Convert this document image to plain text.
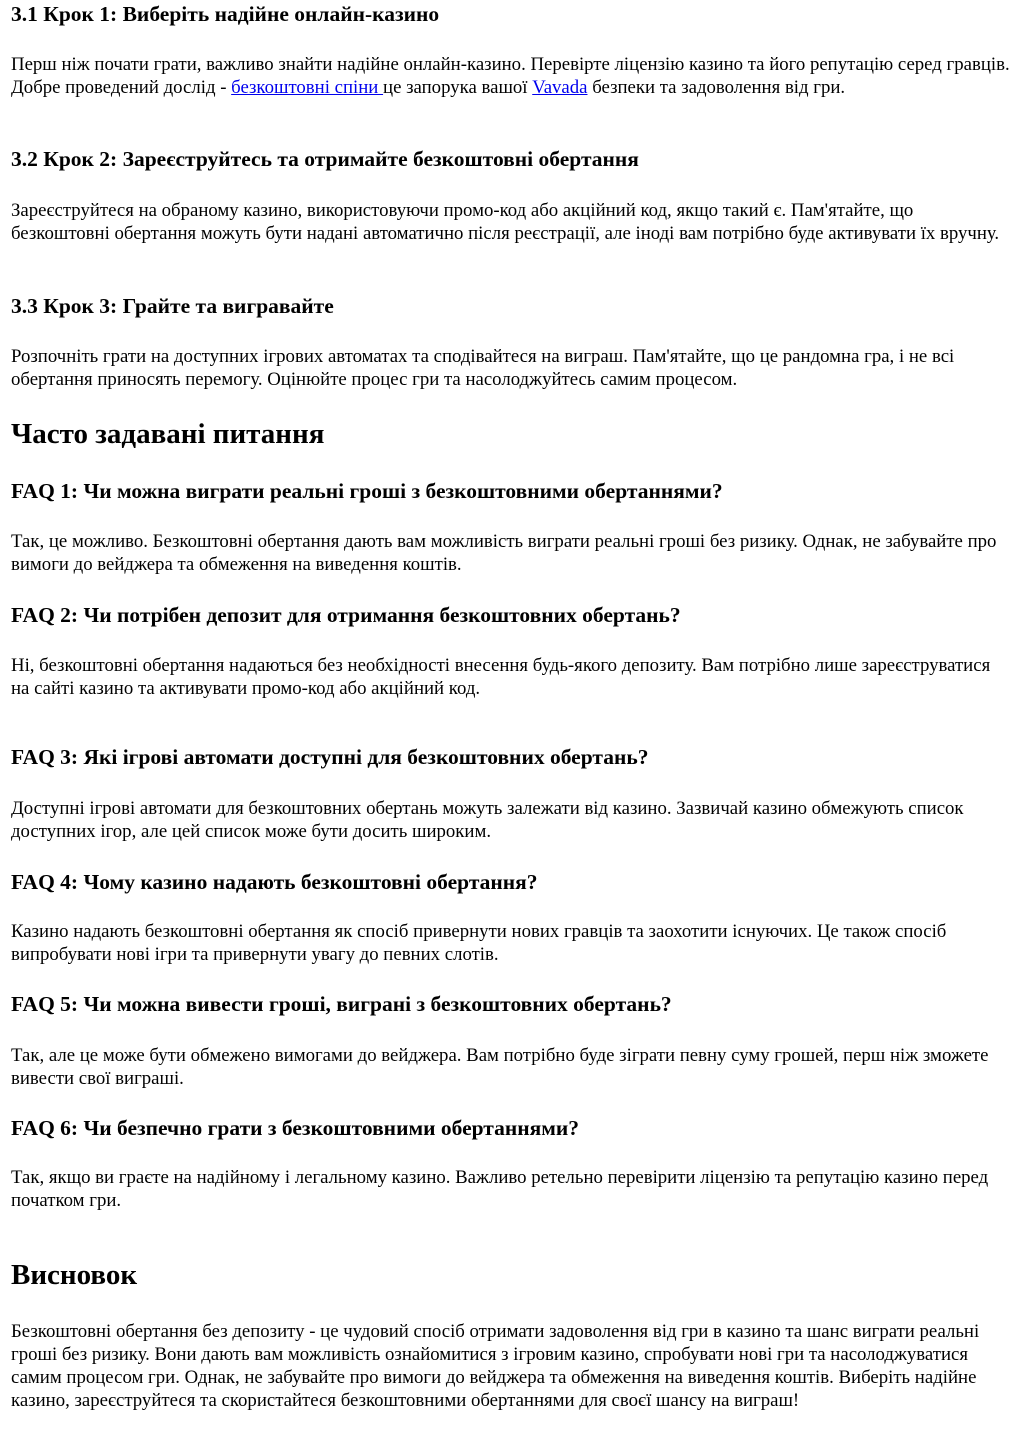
3.1 Крок 1: Виберіть надійне онлайн-казино

Перш ніж почати грати, важливо знайти надійне онлайн-казино. Перевірте ліцензію казино та його репутацію серед гравців. Добре проведений дослід - безкоштовні спіни це запорука вашої Vavada безпеки та задоволення від гри.

3.2 Крок 2: Зареєструйтесь та отримайте безкоштовні обертання

Зареєструйтеся на обраному казино, використовуючи промо-код або акційний код, якщо такий є. Пам'ятайте, що безкоштовні обертання можуть бути надані автоматично після реєстрації, але іноді вам потрібно буде активувати їх вручну.

3.3 Крок 3: Грайте та вигравайте

Розпочніть грати на доступних ігрових автоматах та сподівайтеся на виграш. Пам'ятайте, що це рандомна гра, і не всі обертання приносять перемогу. Оцінюйте процес гри та насолоджуйтесь самим процесом.

Часто задавані питання
FAQ 1: Чи можна виграти реальні гроші з безкоштовними обертаннями?

Так, це можливо. Безкоштовні обертання дають вам можливість виграти реальні гроші без ризику. Однак, не забувайте про вимоги до вейджера та обмеження на виведення коштів.

FAQ 2: Чи потрібен депозит для отримання безкоштовних обертань?

Ні, безкоштовні обертання надаються без необхідності внесення будь-якого депозиту. Вам потрібно лише зареєструватися на сайті казино та активувати промо-код або акційний код.

FAQ 3: Які ігрові автомати доступні для безкоштовних обертань?

Доступні ігрові автомати для безкоштовних обертань можуть залежати від казино. Зазвичай казино обмежують список доступних ігор, але цей список може бути досить широким.

FAQ 4: Чому казино надають безкоштовні обертання?

Казино надають безкоштовні обертання як спосіб привернути нових гравців та заохотити існуючих. Це також спосіб випробувати нові ігри та привернути увагу до певних слотів.

FAQ 5: Чи можна вивести гроші, виграні з безкоштовних обертань?

Так, але це може бути обмежено вимогами до вейджера. Вам потрібно буде зіграти певну суму грошей, перш ніж зможете вивести свої виграші.

FAQ 6: Чи безпечно грати з безкоштовними обертаннями?

Так, якщо ви граєте на надійному і легальному казино. Важливо ретельно перевірити ліцензію та репутацію казино перед початком гри.

Висновок

Безкоштовні обертання без депозиту - це чудовий спосіб отримати задоволення від гри в казино та шанс виграти реальні гроші без ризику. Вони дають вам можливість ознайомитися з ігровим казино, спробувати нові гри та насолоджуватися самим процесом гри. Однак, не забувайте про вимоги до вейджера та обмеження на виведення коштів. Виберіть надійне казино, зареєструйтеся та скористайтеся безкоштовними обертаннями для своєї шансу на виграш!
